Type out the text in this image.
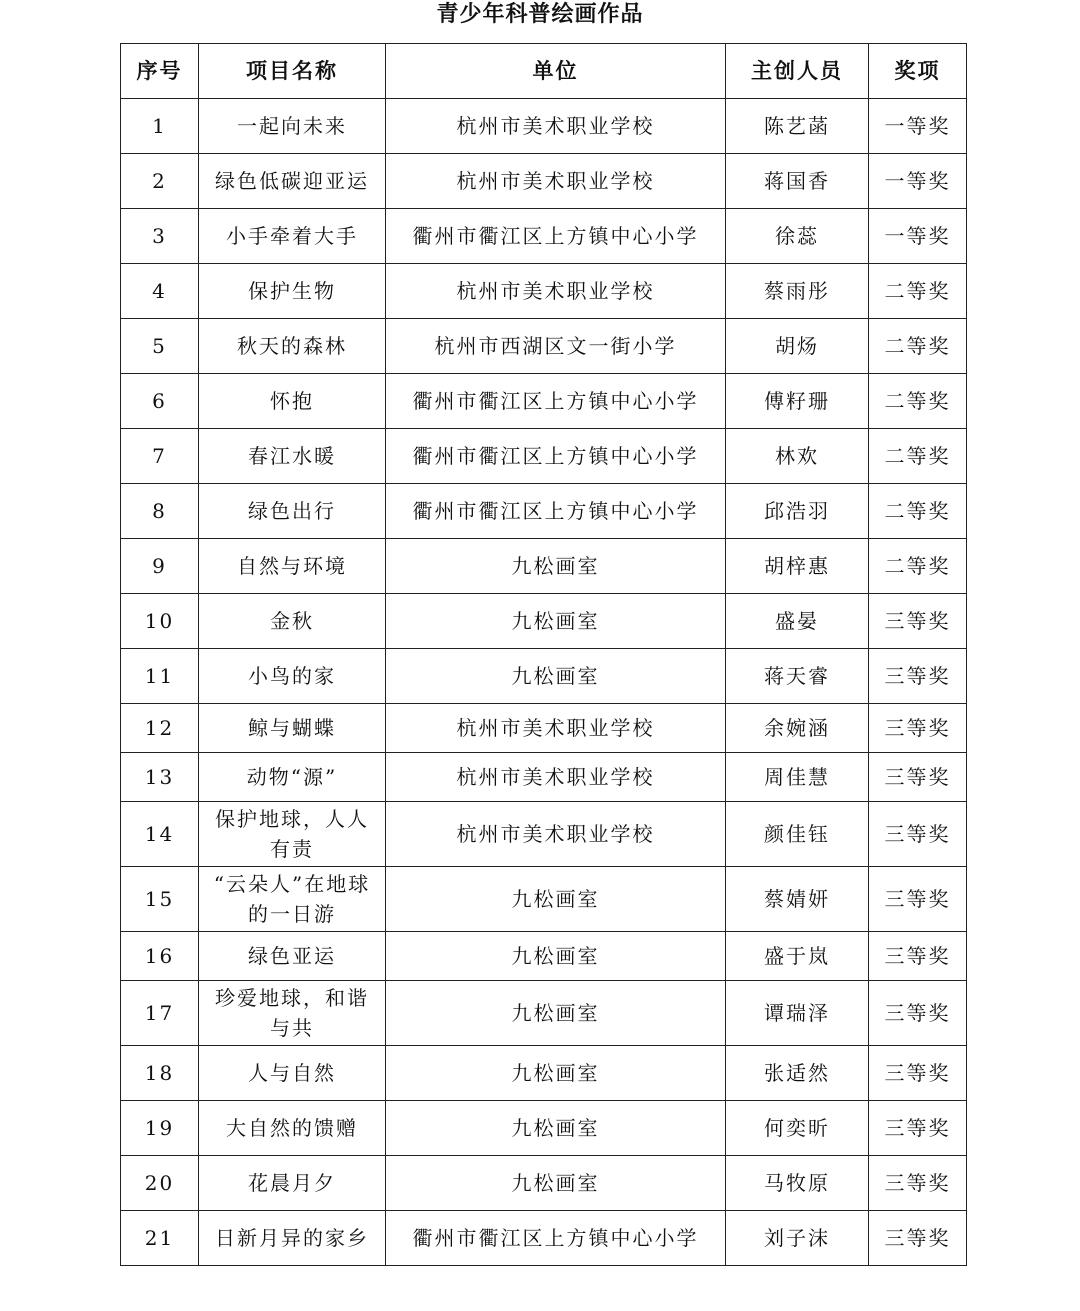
青少年科普绘画作品
序号	项目名称	单位	主创人员	奖项
1	一起向未来	杭州市美术职业学校	陈艺菡	一等奖
2	绿色低碳迎亚运	杭州市美术职业学校	蒋国香	一等奖
3	小手牵着大手	衢州市衢江区上方镇中心小学	徐蕊	一等奖
4	保护生物	杭州市美术职业学校	蔡雨彤	二等奖
5	秋天的森林	杭州市西湖区文一街小学	胡炀	二等奖
6	怀抱	衢州市衢江区上方镇中心小学	傅籽珊	二等奖
7	春江水暖	衢州市衢江区上方镇中心小学	林欢	二等奖
8	绿色出行	衢州市衢江区上方镇中心小学	邱浩羽	二等奖
9	自然与环境	九松画室	胡梓惠	二等奖
10	金秋	九松画室	盛晏	三等奖
11	小鸟的家	九松画室	蒋天睿	三等奖
12	鲸与蝴蝶	杭州市美术职业学校	余婉涵	三等奖
13	动物“源”	杭州市美术职业学校	周佳慧	三等奖
14	保护地球，人人有责	杭州市美术职业学校	颜佳钰	三等奖
15	“云朵人”在地球的一日游	九松画室	蔡婧妍	三等奖
16	绿色亚运	九松画室	盛于岚	三等奖
17	珍爱地球，和谐与共	九松画室	谭瑞泽	三等奖
18	人与自然	九松画室	张适然	三等奖
19	大自然的馈赠	九松画室	何奕昕	三等奖
20	花晨月夕	九松画室	马牧原	三等奖
21	日新月异的家乡	衢州市衢江区上方镇中心小学	刘子沫	三等奖
